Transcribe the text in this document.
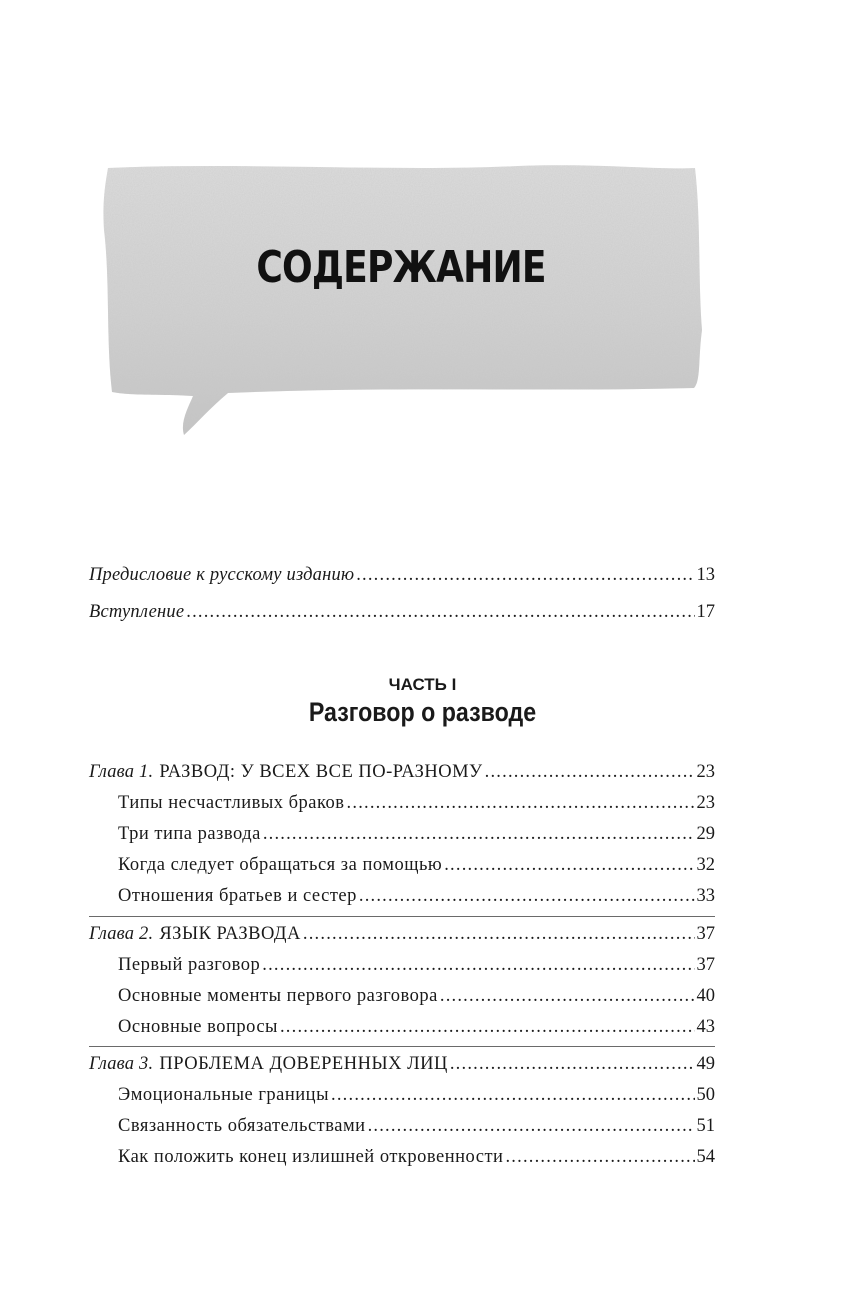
СОДЕРЖАНИЕ
Предисловие к русскому изданию .....	13
Вступление .....	17
Глава 1. РАЗВОД: У ВСЕХ ВСЕ ПО-РАЗНОМУ .....	23
Типы несчастливых браков .....	23
Три типа развода .....	29
Когда следует обращаться за помощью .....	32
Отношения братьев и сестер .....	33
Глава 2. ЯЗЫК РАЗВОДА .....	37
Первый разговор .....	37
Основные моменты первого разговора .....	40
Основные вопросы .....	43
Глава 3. ПРОБЛЕМА ДОВЕРЕННЫХ ЛИЦ .....	49
Эмоциональные границы .....	50
Связанность обязательствами .....	51
Как положить конец излишней откровенности .....	54
ЧАСТЬ I
Разговор о разводе
